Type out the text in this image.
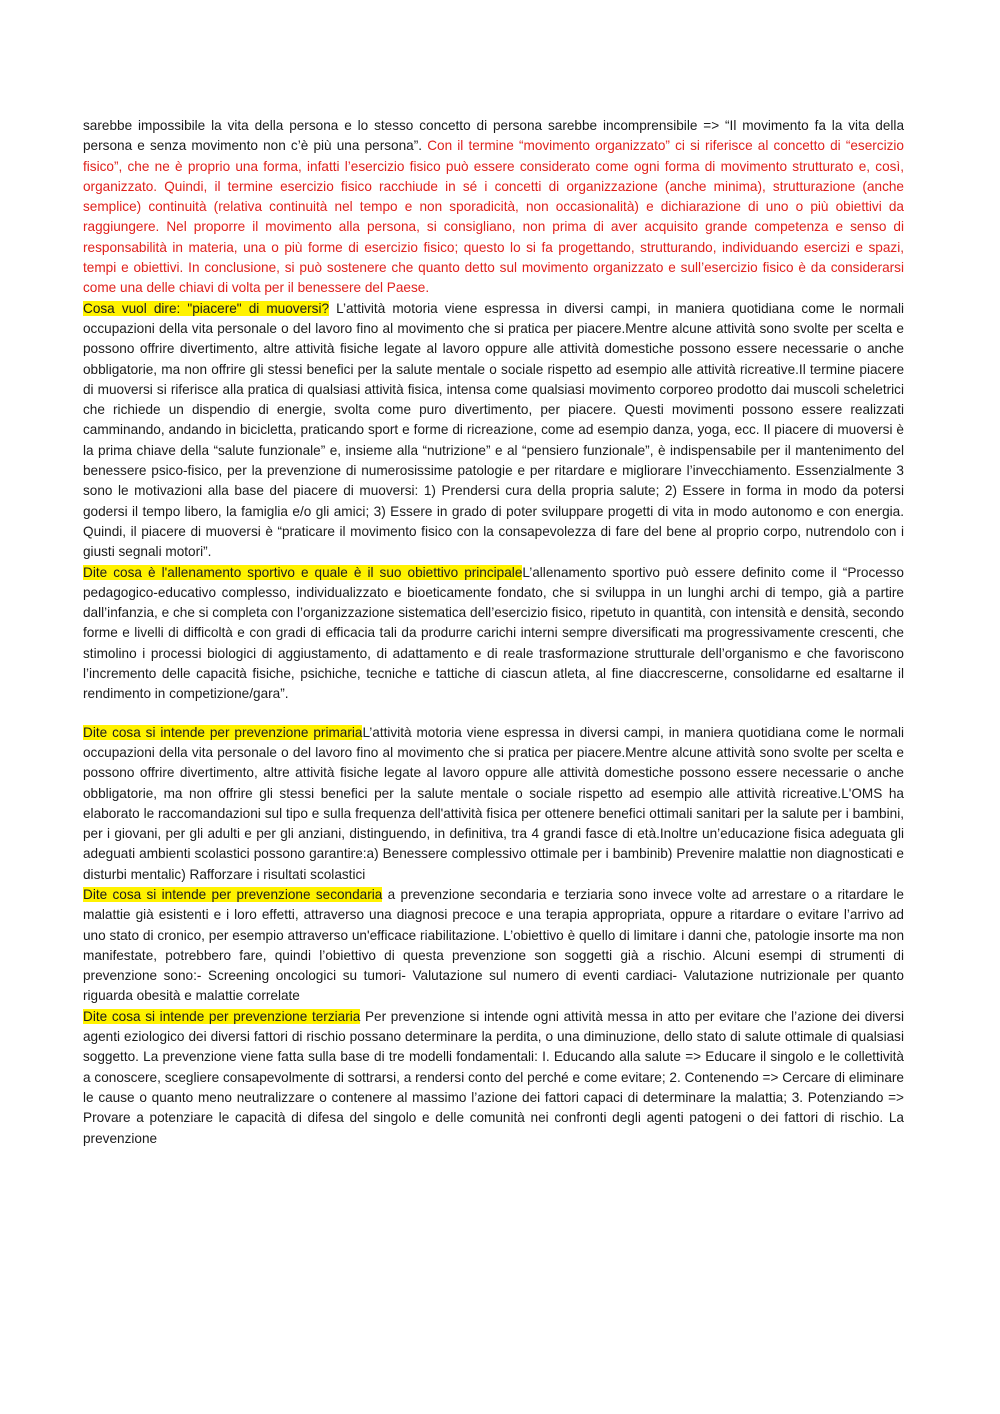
sarebbe impossibile la vita della persona e lo stesso concetto di persona sarebbe incomprensibile => “Il movimento fa la vita della persona e senza movimento non c’è più una persona”. Con il termine “movimento organizzato” ci si riferisce al concetto di “esercizio fisico”, che ne è proprio una forma, infatti l’esercizio fisico può essere considerato come ogni forma di movimento strutturato e, così, organizzato. Quindi, il termine esercizio fisico racchiude in sé i concetti di organizzazione (anche minima), strutturazione (anche semplice) continuità (relativa continuità nel tempo e non sporadicità, non occasionalità) e dichiarazione di uno o più obiettivi da raggiungere. Nel proporre il movimento alla persona, si consigliano, non prima di aver acquisito grande competenza e senso di responsabilità in materia, una o più forme di esercizio fisico; questo lo si fa progettando, strutturando, individuando esercizi e spazi, tempi e obiettivi. In conclusione, si può sostenere che quanto detto sul movimento organizzato e sull’esercizio fisico è da considerarsi come una delle chiavi di volta per il benessere del Paese.

Cosa vuol dire: "piacere" di muoversi? L’attività motoria viene espressa in diversi campi, in maniera quotidiana come le normali occupazioni della vita personale o del lavoro fino al movimento che si pratica per piacere.Mentre alcune attività sono svolte per scelta e possono offrire divertimento, altre attività fisiche legate al lavoro oppure alle attività domestiche possono essere necessarie o anche obbligatorie, ma non offrire gli stessi benefici per la salute mentale o sociale rispetto ad esempio alle attività ricreative.Il termine piacere di muoversi si riferisce alla pratica di qualsiasi attività fisica, intensa come qualsiasi movimento corporeo prodotto dai muscoli scheletrici che richiede un dispendio di energie, svolta come puro divertimento, per piacere. Questi movimenti possono essere realizzati camminando, andando in bicicletta, praticando sport e forme di ricreazione, come ad esempio danza, yoga, ecc. Il piacere di muoversi è la prima chiave della “salute funzionale” e, insieme alla “nutrizione” e al “pensiero funzionale”, è indispensabile per il mantenimento del benessere psico-fisico, per la prevenzione di numerosissime patologie e per ritardare e migliorare l’invecchiamento. Essenzialmente 3 sono le motivazioni alla base del piacere di muoversi: 1) Prendersi cura della propria salute; 2) Essere in forma in modo da potersi godersi il tempo libero, la famiglia e/o gli amici; 3) Essere in grado di poter sviluppare progetti di vita in modo autonomo e con energia. Quindi, il piacere di muoversi è “praticare il movimento fisico con la consapevolezza di fare del bene al proprio corpo, nutrendolo con i giusti segnali motori”.

Dite cosa è l'allenamento sportivo e quale è il suo obiettivo principaleL’allenamento sportivo può essere definito come il “Processo pedagogico-educativo complesso, individualizzato e bioeticamente fondato, che si sviluppa in un lunghi archi di tempo, già a partire dall’infanzia, e che si completa con l’organizzazione sistematica dell’esercizio fisico, ripetuto in quantità, con intensità e densità, secondo forme e livelli di difficoltà e con gradi di efficacia tali da produrre carichi interni sempre diversificati ma progressivamente crescenti, che stimolino i processi biologici di aggiustamento, di adattamento e di reale trasformazione strutturale dell’organismo e che favoriscono l’incremento delle capacità fisiche, psichiche, tecniche e tattiche di ciascun atleta, al fine diaccrescerne, consolidarne ed esaltarne il rendimento in competizione/gara”.

Dite cosa si intende per prevenzione primariaL’attività motoria viene espressa in diversi campi, in maniera quotidiana come le normali occupazioni della vita personale o del lavoro fino al movimento che si pratica per piacere.Mentre alcune attività sono svolte per scelta e possono offrire divertimento, altre attività fisiche legate al lavoro oppure alle attività domestiche possono essere necessarie o anche obbligatorie, ma non offrire gli stessi benefici per la salute mentale o sociale rispetto ad esempio alle attività ricreative.L'OMS ha elaborato le raccomandazioni sul tipo e sulla frequenza dell'attività fisica per ottenere benefici ottimali sanitari per la salute per i bambini, per i giovani, per gli adulti e per gli anziani, distinguendo, in definitiva, tra 4 grandi fasce di età.Inoltre un’educazione fisica adeguata gli adeguati ambienti scolastici possono garantire:a) Benessere complessivo ottimale per i bambinib) Prevenire malattie non diagnosticati e disturbi mentalic) Rafforzare i risultati scolastici

Dite cosa si intende per prevenzione secondaria a prevenzione secondaria e terziaria sono invece volte ad arrestare o a ritardare le malattie già esistenti e i loro effetti, attraverso una diagnosi precoce e una terapia appropriata, oppure a ritardare o evitare l’arrivo ad uno stato di cronico, per esempio attraverso un'efficace riabilitazione. L’obiettivo è quello di limitare i danni che, patologie insorte ma non manifestate, potrebbero fare, quindi l’obiettivo di questa prevenzione son soggetti già a rischio. Alcuni esempi di strumenti di prevenzione sono:- Screening oncologici su tumori- Valutazione sul numero di eventi cardiaci- Valutazione nutrizionale per quanto riguarda obesità e malattie correlate

Dite cosa si intende per prevenzione terziaria Per prevenzione si intende ogni attività messa in atto per evitare che l’azione dei diversi agenti eziologico dei diversi fattori di rischio possano determinare la perdita, o una diminuzione, dello stato di salute ottimale di qualsiasi soggetto. La prevenzione viene fatta sulla base di tre modelli fondamentali: I. Educando alla salute => Educare il singolo e le collettività a conoscere, scegliere consapevolmente di sottrarsi, a rendersi conto del perché e come evitare; 2. Contenendo => Cercare di eliminare le cause o quanto meno neutralizzare o contenere al massimo l’azione dei fattori capaci di determinare la malattia; 3. Potenziando => Provare a potenziare le capacità di difesa del singolo e delle comunità nei confronti degli agenti patogeni o dei fattori di rischio. La prevenzione
